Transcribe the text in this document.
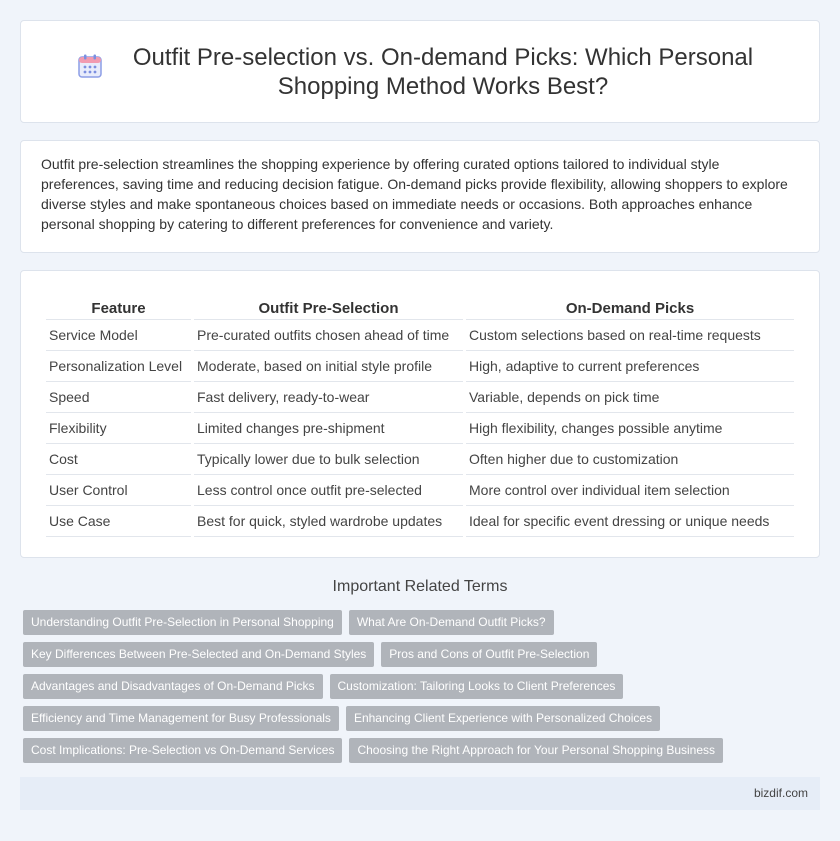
Outfit Pre-selection vs. On-demand Picks: Which Personal Shopping Method Works Best?

Outfit pre-selection streamlines the shopping experience by offering curated options tailored to individual style preferences, saving time and reducing decision fatigue. On-demand picks provide flexibility, allowing shoppers to explore diverse styles and make spontaneous choices based on immediate needs or occasions. Both approaches enhance personal shopping by catering to different preferences for convenience and variety.

Feature	Outfit Pre-Selection	On-Demand Picks
Service Model	Pre-curated outfits chosen ahead of time	Custom selections based on real-time requests
Personalization Level	Moderate, based on initial style profile	High, adaptive to current preferences
Speed	Fast delivery, ready-to-wear	Variable, depends on pick time
Flexibility	Limited changes pre-shipment	High flexibility, changes possible anytime
Cost	Typically lower due to bulk selection	Often higher due to customization
User Control	Less control once outfit pre-selected	More control over individual item selection
Use Case	Best for quick, styled wardrobe updates	Ideal for specific event dressing or unique needs
Important Related Terms
Understanding Outfit Pre-Selection in Personal Shopping	What Are On-Demand Outfit Picks?
Key Differences Between Pre-Selected and On-Demand Styles	Pros and Cons of Outfit Pre-Selection
Advantages and Disadvantages of On-Demand Picks	Customization: Tailoring Looks to Client Preferences
Efficiency and Time Management for Busy Professionals	Enhancing Client Experience with Personalized Choices
Cost Implications: Pre-Selection vs On-Demand Services	Choosing the Right Approach for Your Personal Shopping Business
bizdif.com
